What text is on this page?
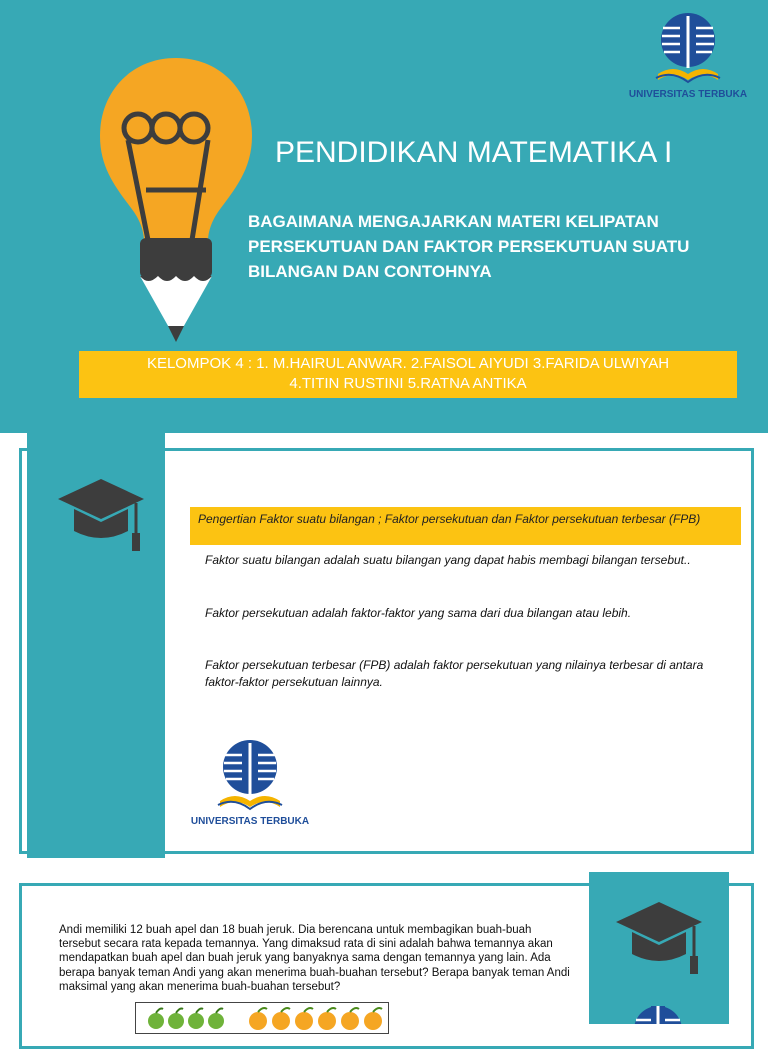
UNIVERSITAS TERBUKA
PENDIDIKAN MATEMATIKA I
BAGAIMANA MENGAJARKAN MATERI KELIPATAN PERSEKUTUAN DAN FAKTOR PERSEKUTUAN SUATU BILANGAN DAN CONTOHNYA
KELOMPOK 4 : 1. M.HAIRUL ANWAR. 2.FAISOL AIYUDI 3.FARIDA ULWIYAH
4.TITIN RUSTINI 5.RATNA ANTIKA
Pengertian Faktor suatu bilangan ; Faktor persekutuan dan Faktor persekutuan terbesar (FPB)
Faktor suatu bilangan adalah suatu bilangan yang dapat habis membagi bilangan tersebut..
Faktor persekutuan adalah faktor-faktor yang sama dari dua bilangan atau lebih.
Faktor persekutuan terbesar (FPB) adalah faktor persekutuan yang nilainya terbesar di antara faktor-faktor persekutuan lainnya.
UNIVERSITAS TERBUKA
Andi memiliki 12 buah apel dan 18 buah jeruk. Dia berencana untuk membagikan buah-buah tersebut secara rata kepada temannya. Yang dimaksud rata di sini adalah bahwa temannya akan mendapatkan buah apel dan buah jeruk yang banyaknya sama dengan temannya yang lain. Ada berapa banyak teman Andi yang akan menerima buah-buahan tersebut? Berapa banyak teman Andi maksimal yang akan menerima buah-buahan tersebut?
